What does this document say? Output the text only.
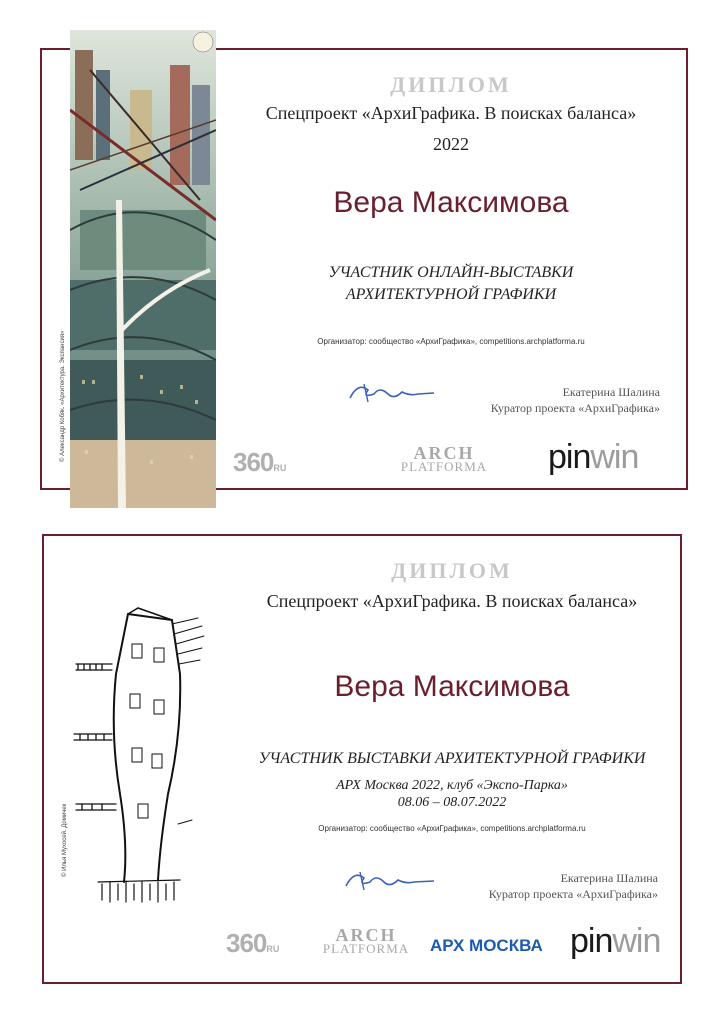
© Александр Кобяк. «Архитектура. Экспансия»
ДИПЛОМ
Спецпроект «АрхиГрафика. В поисках баланса»
2022
Вера Максимова
УЧАСТНИК ОНЛАЙН-ВЫСТАВКИ
АРХИТЕКТУРНОЙ ГРАФИКИ
Организатор: сообщество «АрхиГрафика», competitions.archplatforma.ru
Екатерина Шалина
Куратор проекта «АрхиГрафика»
360RU
ARCH
PLATFORMA pinwin
© Илья Мухосей. Домичек
ДИПЛОМ
Спецпроект «АрхиГрафика. В поисках баланса»
Вера Максимова
УЧАСТНИК ВЫСТАВКИ АРХИТЕКТУРНОЙ ГРАФИКИ
АРХ Москва 2022, клуб «Экспо-Парка»
08.06 – 08.07.2022
Организатор: сообщество «АрхиГрафика», competitions.archplatforma.ru
Екатерина Шалина
Куратор проекта «АрхиГрафика»
360RU
ARCH
PLATFORMA АРХ МОСКВА pinwin
